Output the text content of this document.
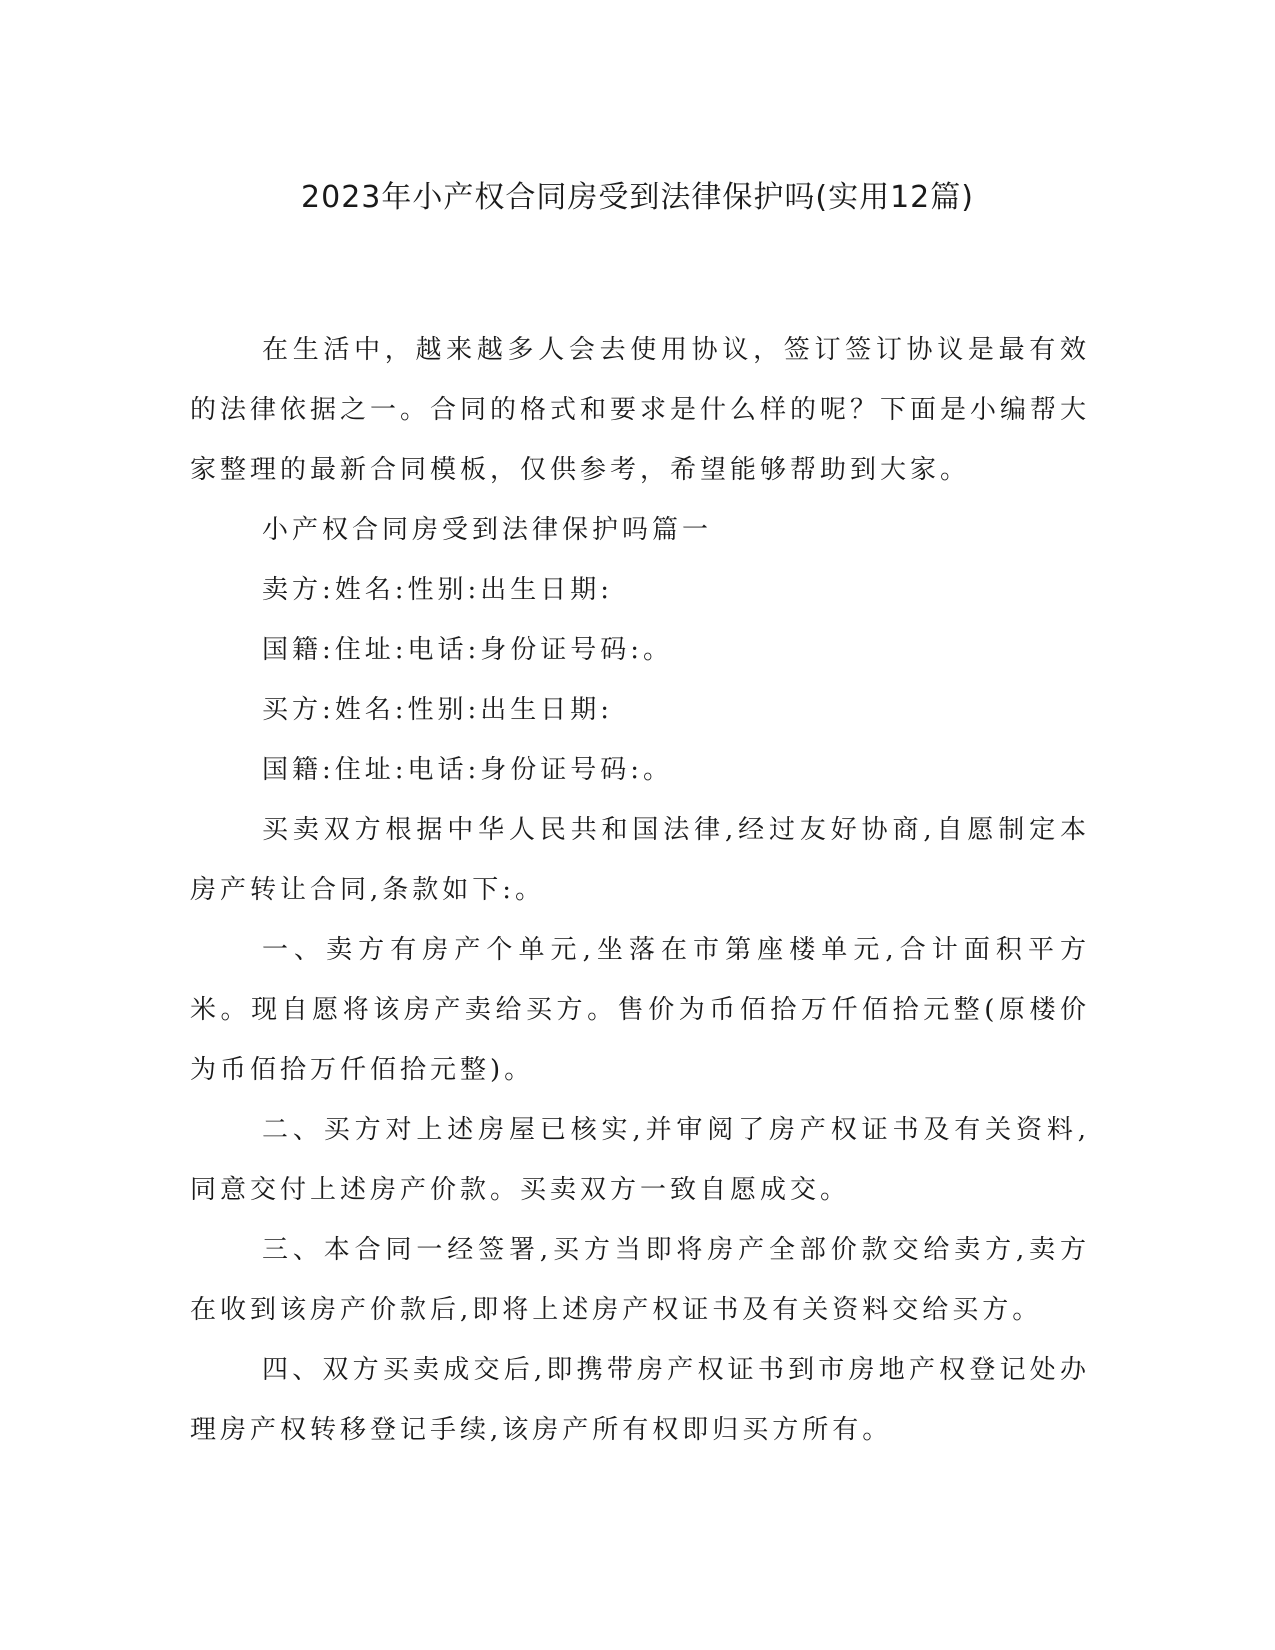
2023年小产权合同房受到法律保护吗(实用12篇)

在生活中，越来越多人会去使用协议，签订签订协议是最有效的法律依据之一。合同的格式和要求是什么样的呢？下面是小编帮大家整理的最新合同模板，仅供参考，希望能够帮助到大家。

小产权合同房受到法律保护吗篇一

卖方:姓名:性别:出生日期:

国籍:住址:电话:身份证号码:。

买方:姓名:性别:出生日期:

国籍:住址:电话:身份证号码:。

买卖双方根据中华人民共和国法律,经过友好协商,自愿制定本房产转让合同,条款如下:。

一、卖方有房产个单元,坐落在市第座楼单元,合计面积平方米。现自愿将该房产卖给买方。售价为币佰拾万仟佰拾元整(原楼价为币佰拾万仟佰拾元整)。

二、买方对上述房屋已核实,并审阅了房产权证书及有关资料,同意交付上述房产价款。买卖双方一致自愿成交。

三、本合同一经签署,买方当即将房产全部价款交给卖方,卖方在收到该房产价款后,即将上述房产权证书及有关资料交给买方。

四、双方买卖成交后,即携带房产权证书到市房地产权登记处办理房产权转移登记手续,该房产所有权即归买方所有。
